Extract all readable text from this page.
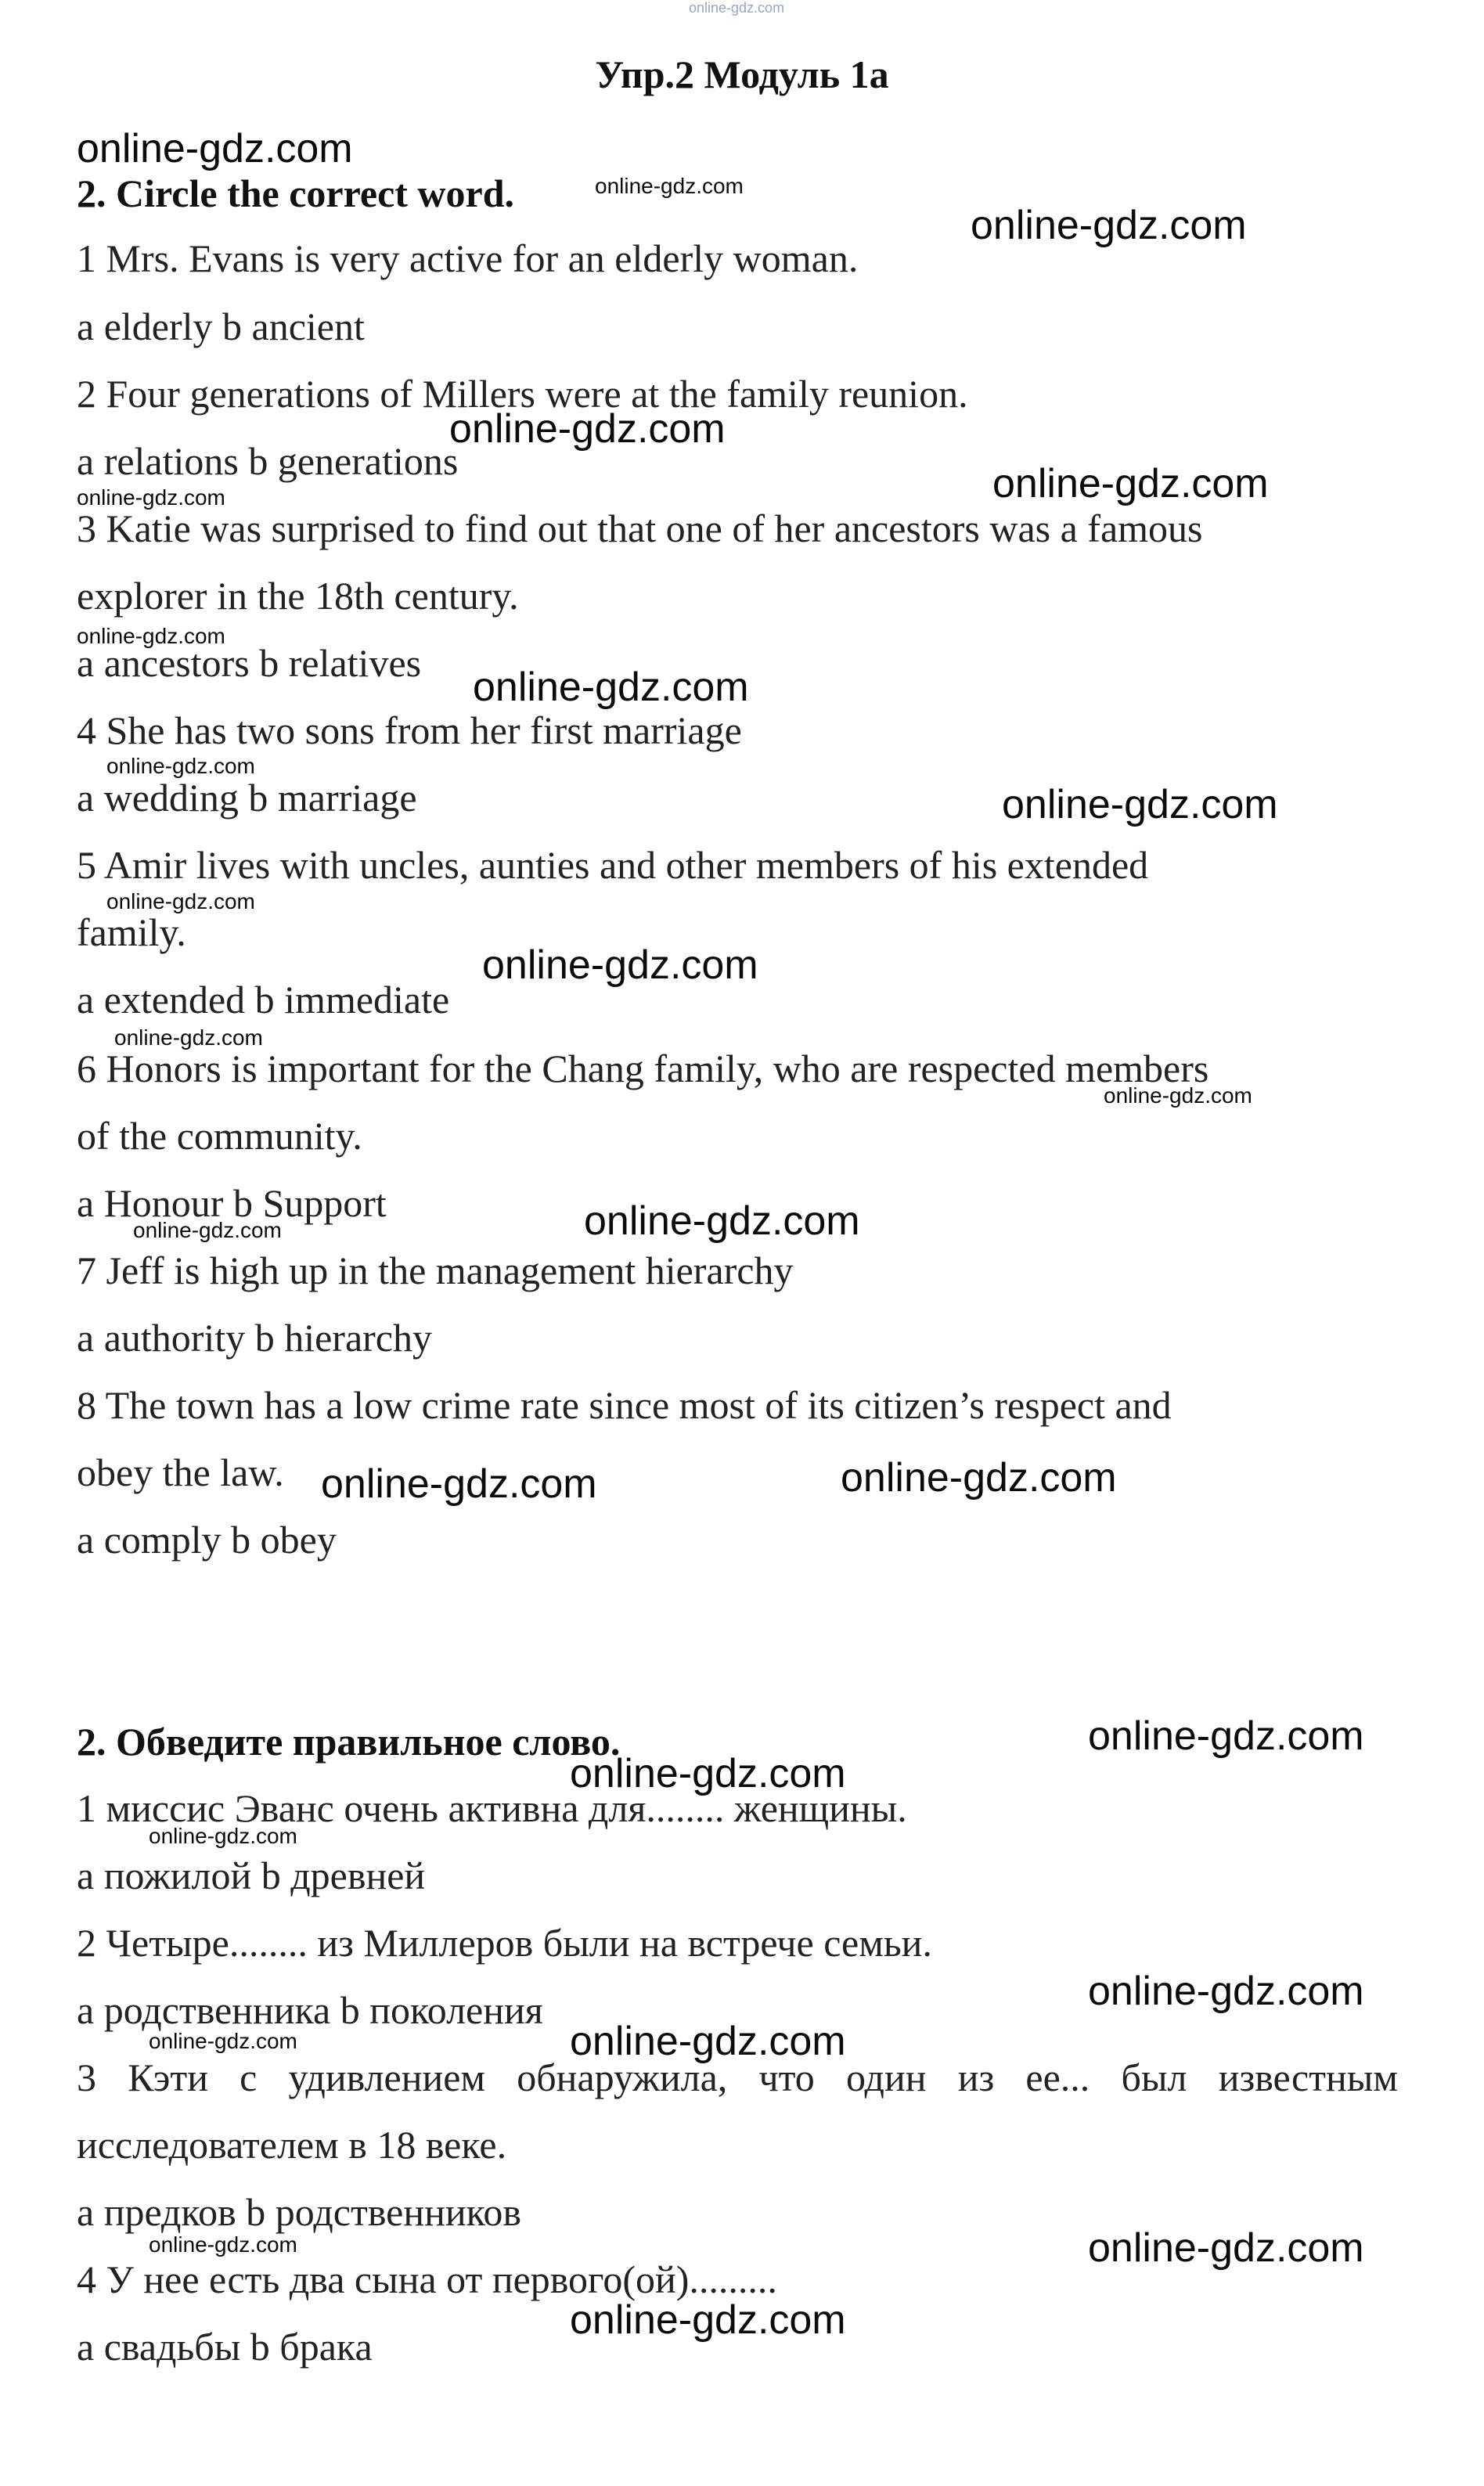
online-gdz.com
Упр.2 Модуль 1а
2. Circle the correct word.
1 Mrs. Evans is very active for an elderly woman.
a elderly b ancient
2 Four generations of Millers were at the family reunion.
a relations b generations
3 Katie was surprised to find out that one of her ancestors was a famous
explorer in the 18th century.
a ancestors b relatives
4 She has two sons from her first marriage
a wedding b marriage
5 Amir lives with uncles, aunties and other members of his extended
family.
a extended b immediate
6 Honors is important for the Chang family, who are respected members
of the community.
a Honour b Support
7 Jeff is high up in the management hierarchy
a authority b hierarchy
8 The town has a low crime rate since most of its citizen’s respect and
obey the law.
a comply b obey
2. Обведите правильное слово.
1 миссис Эванс очень активна для........ женщины.
a пожилой b древней
2 Четыре........ из Миллеров были на встрече семьи.
a родственника b поколения
3 Кэти с удивлением обнаружила, что один из ее... был известным
исследователем в 18 веке.
a предков b родственников
4 У нее есть два сына от первого(ой).........
a свадьбы b брака
online-gdz.com
online-gdz.com
online-gdz.com
online-gdz.com
online-gdz.com	online-gdz.com
online-gdz.com
online-gdz.com
online-gdz.com
online-gdz.com
online-gdz.com
online-gdz.com
online-gdz.com
online-gdz.com
online-gdz.com
online-gdz.com
online-gdz.com	online-gdz.com
online-gdz.com
online-gdz.com
online-gdz.com
online-gdz.com
online-gdz.com	online-gdz.com
online-gdz.com	online-gdz.com
online-gdz.com
